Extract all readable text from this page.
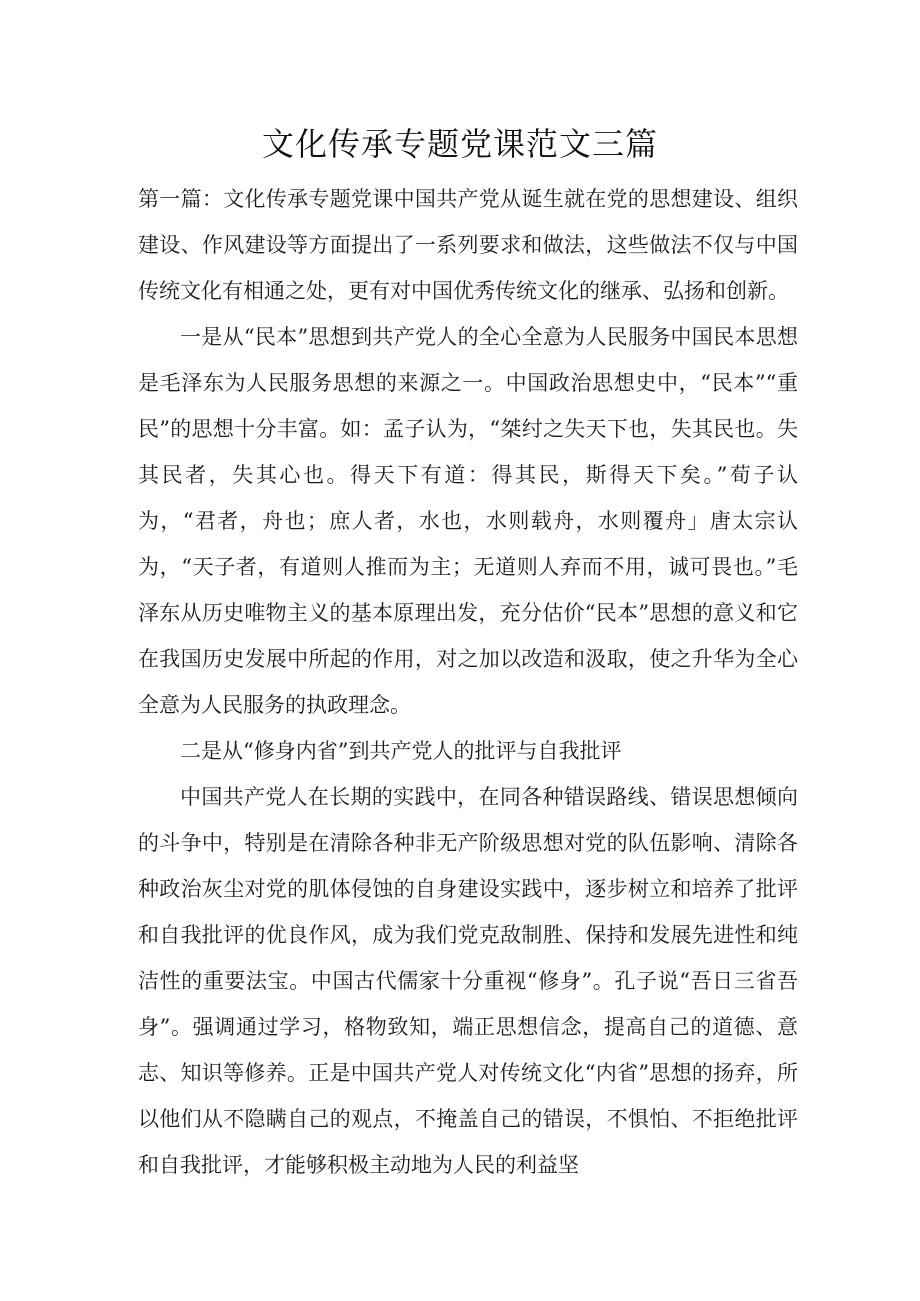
文化传承专题党课范文三篇

第一篇：文化传承专题党课中国共产党从诞生就在党的思想建设、组织建设、作风建设等方面提出了一系列要求和做法，这些做法不仅与中国传统文化有相通之处，更有对中国优秀传统文化的继承、弘扬和创新。

一是从“民本”思想到共产党人的全心全意为人民服务中国民本思想是毛泽东为人民服务思想的来源之一。中国政治思想史中，“民本”“重民”的思想十分丰富。如：孟子认为，“桀纣之失天下也，失其民也。失其民者，失其心也。得天下有道：得其民，斯得天下矣。”荀子认为，“君者，舟也；庶人者，水也，水则载舟，水则覆舟」唐太宗认为，“天子者，有道则人推而为主；无道则人弃而不用，诚可畏也。”毛泽东从历史唯物主义的基本原理出发，充分估价“民本”思想的意义和它在我国历史发展中所起的作用，对之加以改造和汲取，使之升华为全心全意为人民服务的执政理念。

二是从“修身内省”到共产党人的批评与自我批评

中国共产党人在长期的实践中，在同各种错误路线、错误思想倾向的斗争中，特别是在清除各种非无产阶级思想对党的队伍影响、清除各种政治灰尘对党的肌体侵蚀的自身建设实践中，逐步树立和培养了批评和自我批评的优良作风，成为我们党克敌制胜、保持和发展先进性和纯洁性的重要法宝。中国古代儒家十分重视“修身”。孔子说“吾日三省吾身”。强调通过学习，格物致知，端正思想信念，提高自己的道德、意志、知识等修养。正是中国共产党人对传统文化“内省”思想的扬弃，所以他们从不隐瞒自己的观点，不掩盖自己的错误，不惧怕、不拒绝批评和自我批评，才能够积极主动地为人民的利益坚
